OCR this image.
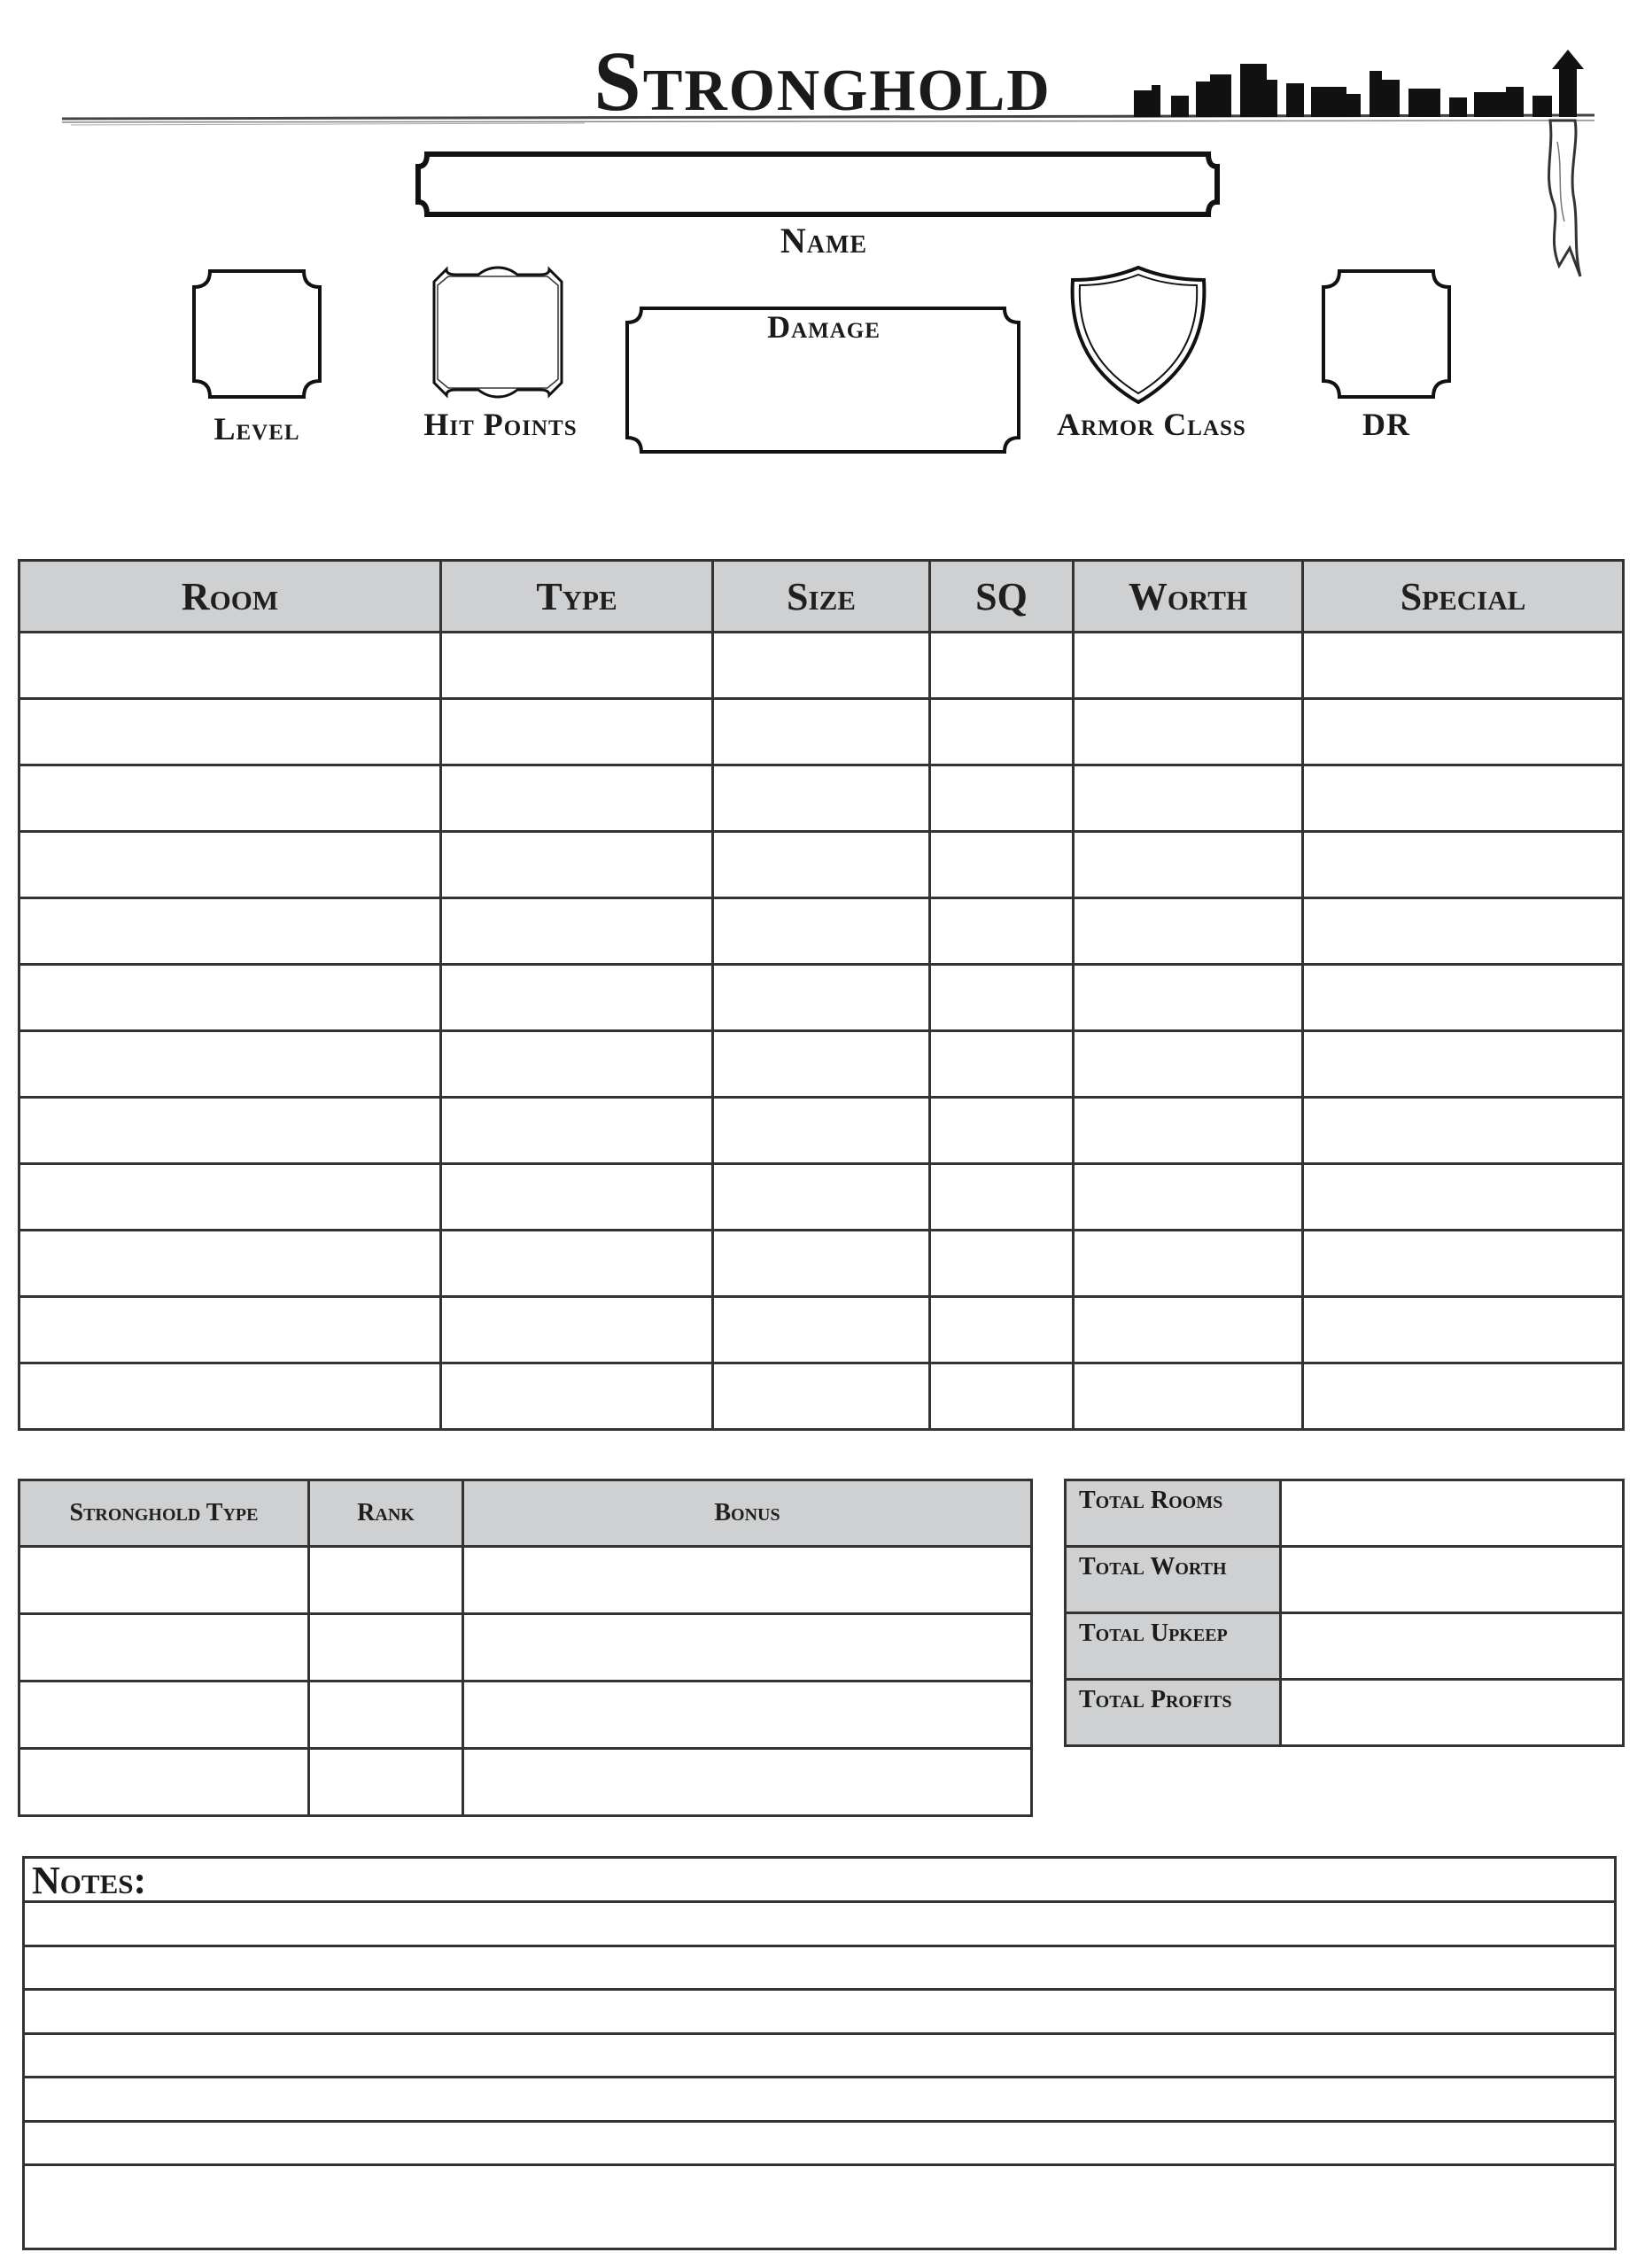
Stronghold
Name
Level	Hit Points
Damage
Armor Class	DR
Room	Type	Size	SQ	Worth	Special

Stronghold Type	Rank	Bonus

			Total Rooms	
Total Worth	
Total Upkeep	
Total Profits	
Notes:
